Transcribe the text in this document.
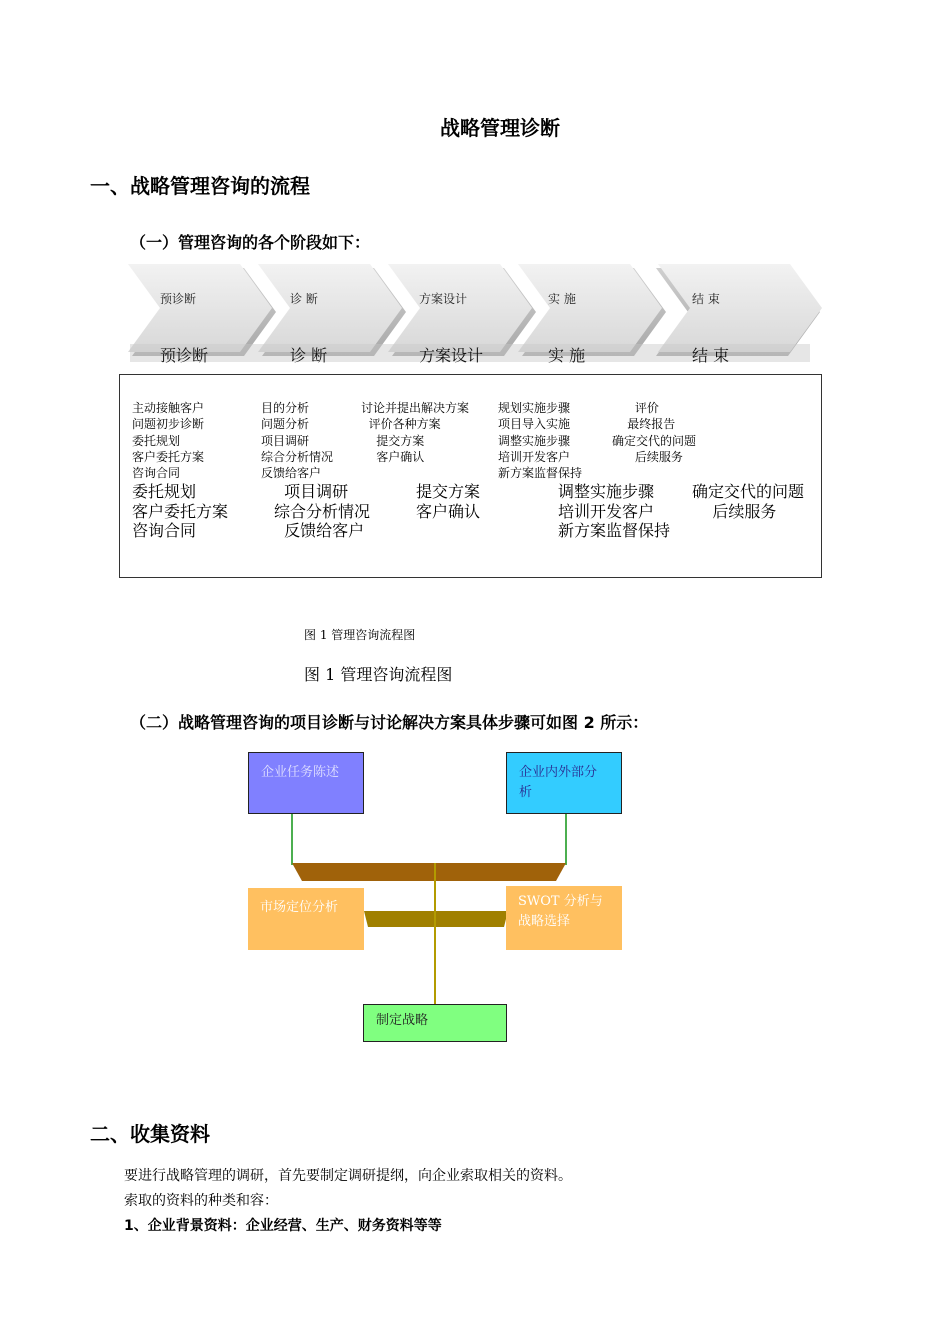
战略管理诊断
一、战略管理咨询的流程
（一）管理咨询的各个阶段如下：
预诊断	诊 断	方案设计	实 施	结 束
预诊断	诊 断	方案设计	实 施	结 束
主动接触客户
问题初步诊断
委托规划
客户委托方案
咨询合同
目的分析
问题分析
项目调研
综合分析情况
反馈给客户
讨论并提出解决方案
评价各种方案
提交方案
客户确认
规划实施步骤
项目导入实施
调整实施步骤
培训开发客户
新方案监督保持
评价
最终报告
确定交代的问题
后续服务
委托规划
客户委托方案
咨询合同
项目调研
综合分析情况
反馈给客户
提交方案
客户确认
调整实施步骤
培训开发客户
新方案监督保持
确定交代的问题
后续服务
图 1 管理咨询流程图
图 1 管理咨询流程图
（二）战略管理咨询的项目诊断与讨论解决方案具体步骤可如图 2 所示：
企业任务陈述	企业内外部分析
市场定位分析	SWOT 分析与战略选择
制定战略
二、收集资料
要进行战略管理的调研，首先要制定调研提纲，向企业索取相关的资料。
索取的资料的种类和容：
1、企业背景资料：企业经营、生产、财务资料等等
